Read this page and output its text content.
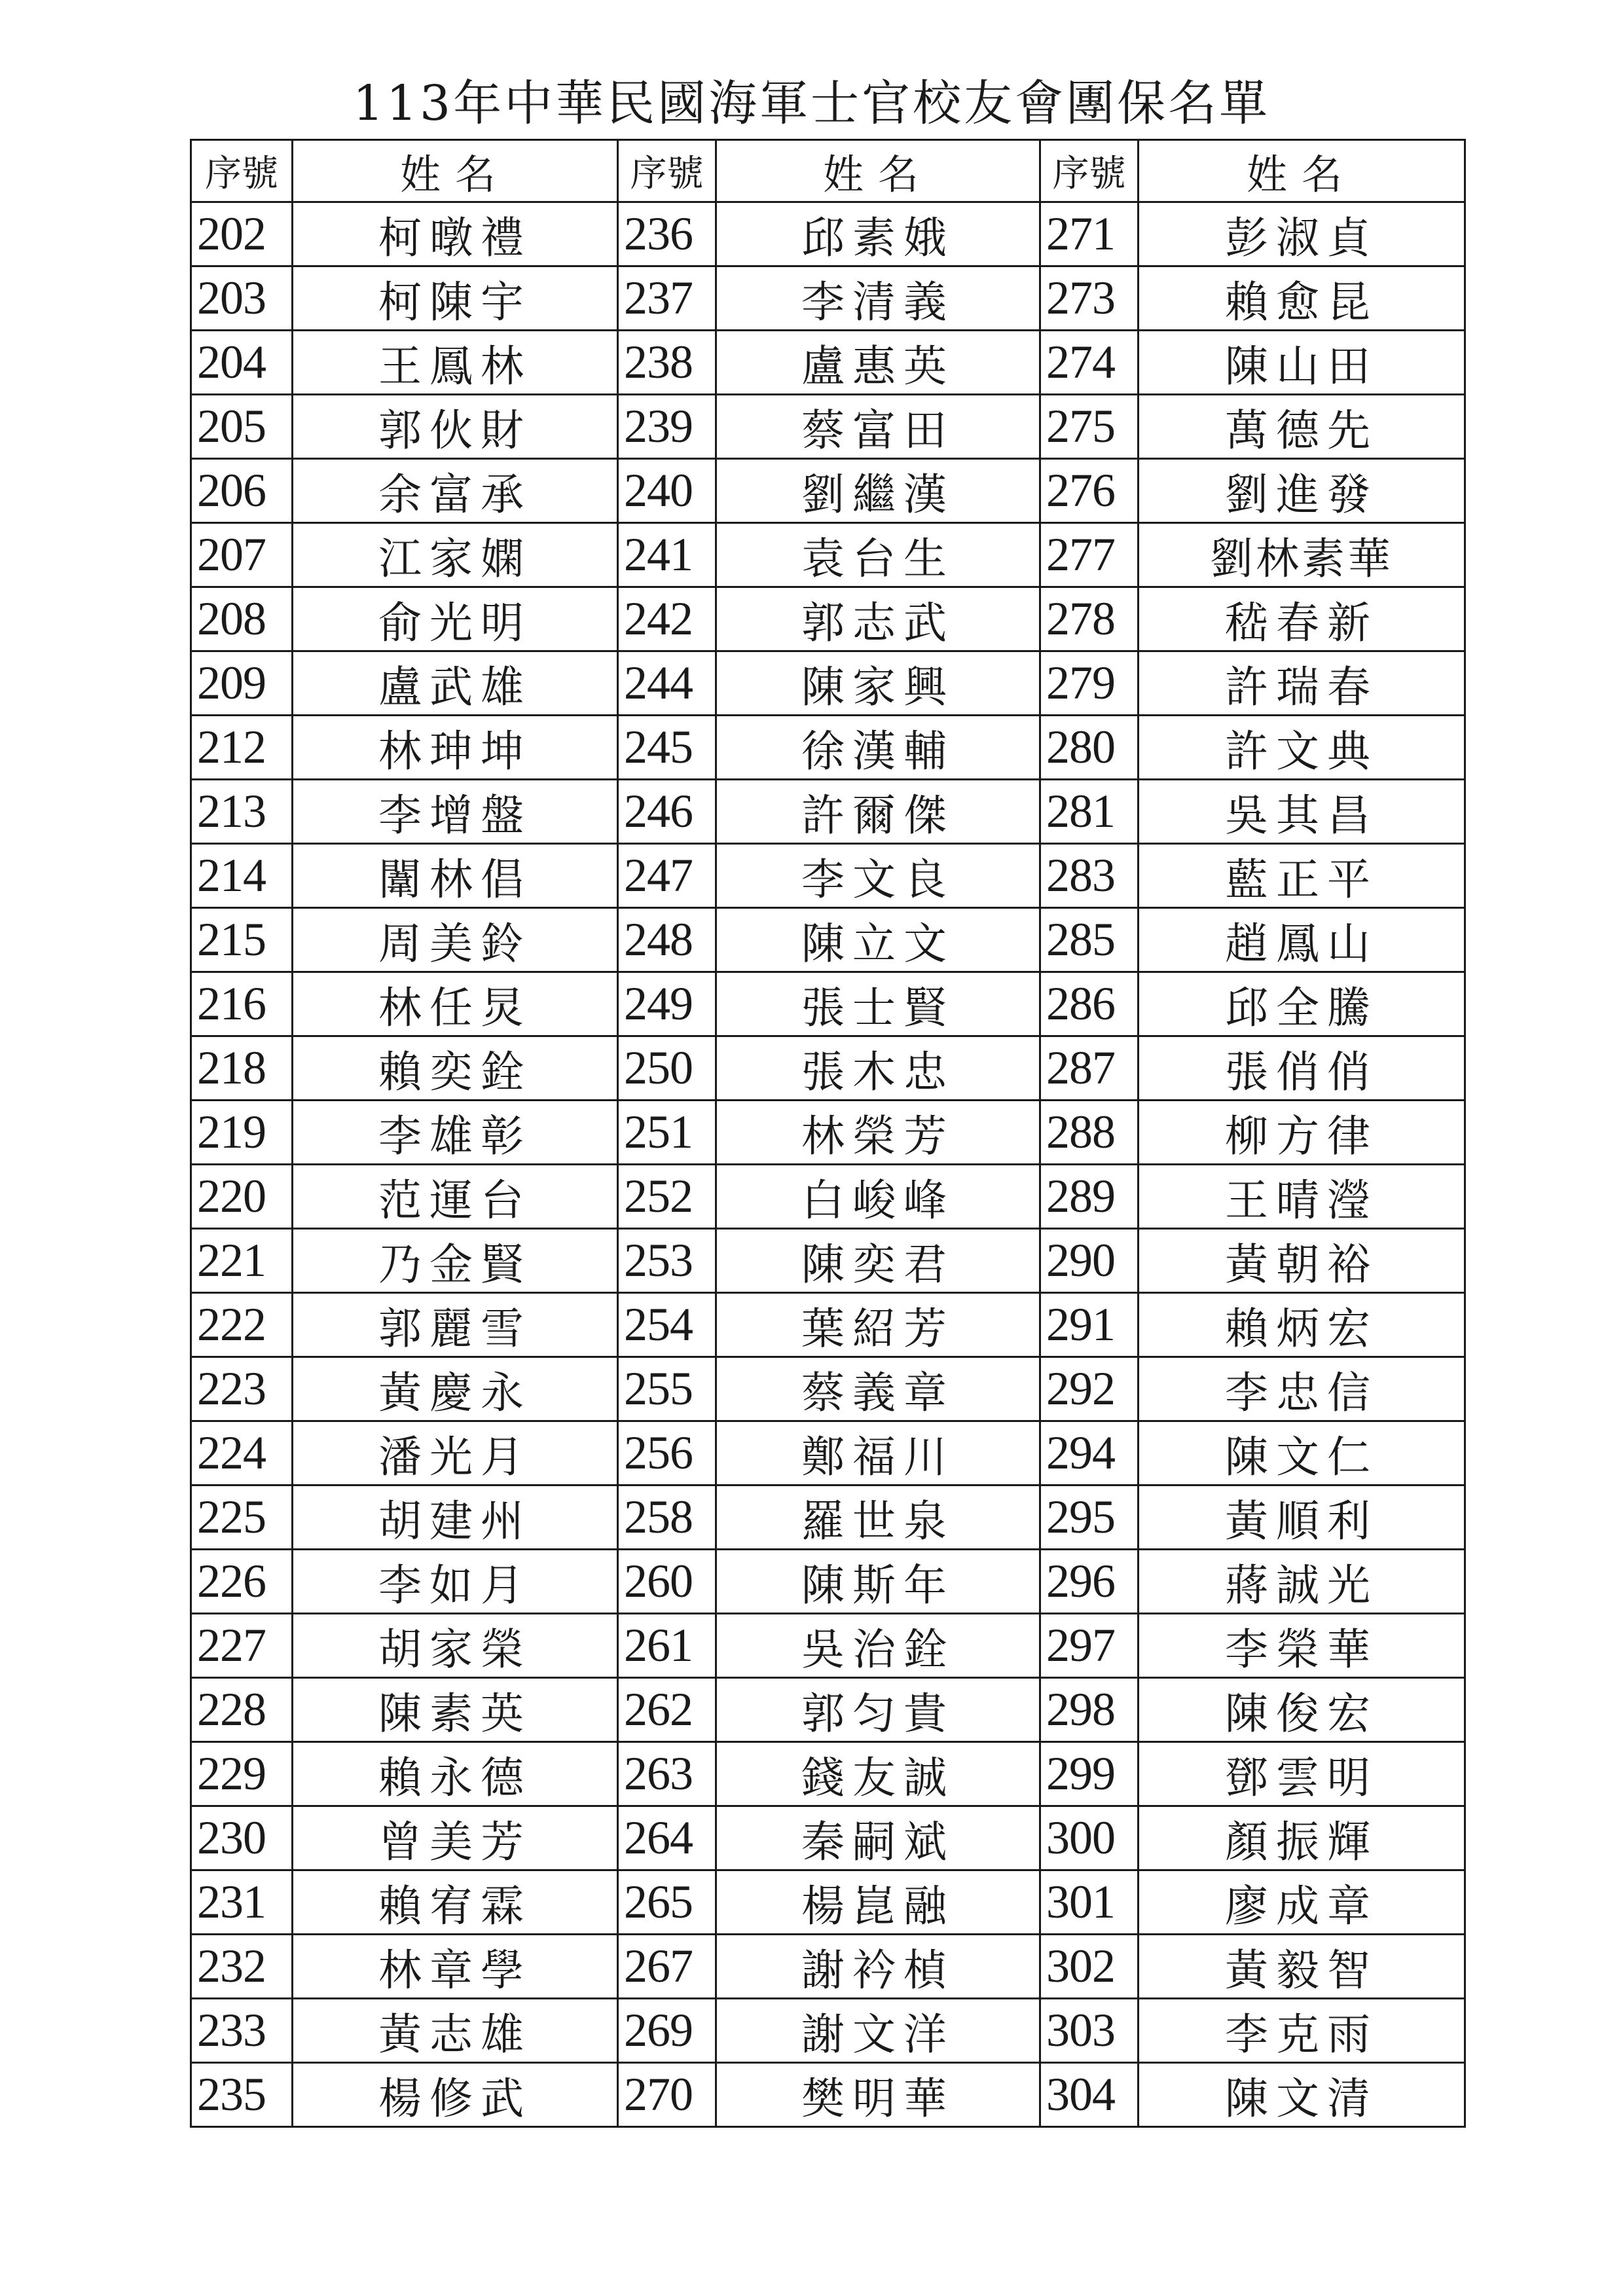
113年中華民國海軍士官校友會團保名單
序號	姓名	序號	姓名	序號	姓名
202	柯暾禮	236	邱素娥	271	彭淑貞
203	柯陳宇	237	李清義	273	賴愈昆
204	王鳳林	238	盧惠英	274	陳山田
205	郭伙財	239	蔡富田	275	萬德先
206	余富承	240	劉繼漢	276	劉進發
207	江家嫻	241	袁台生	277	劉林素華
208	俞光明	242	郭志武	278	嵇春新
209	盧武雄	244	陳家興	279	許瑞春
212	林珅坤	245	徐漢輔	280	許文典
213	李增盤	246	許爾傑	281	吳其昌
214	闈林倡	247	李文良	283	藍正平
215	周美鈴	248	陳立文	285	趙鳳山
216	林任炅	249	張士賢	286	邱全騰
218	賴奕銓	250	張木忠	287	張俏俏
219	李雄彰	251	林榮芳	288	柳方律
220	范運台	252	白峻峰	289	王晴瀅
221	乃金賢	253	陳奕君	290	黃朝裕
222	郭麗雪	254	葉紹芳	291	賴炳宏
223	黃慶永	255	蔡義章	292	李忠信
224	潘光月	256	鄭福川	294	陳文仁
225	胡建州	258	羅世泉	295	黃順利
226	李如月	260	陳斯年	296	蔣誠光
227	胡家榮	261	吳治銓	297	李榮華
228	陳素英	262	郭匀貴	298	陳俊宏
229	賴永德	263	錢友誠	299	鄧雲明
230	曾美芳	264	秦嗣斌	300	顏振輝
231	賴宥霖	265	楊崑融	301	廖成章
232	林章學	267	謝衿楨	302	黃毅智
233	黃志雄	269	謝文洋	303	李克雨
235	楊修武	270	樊明華	304	陳文清
